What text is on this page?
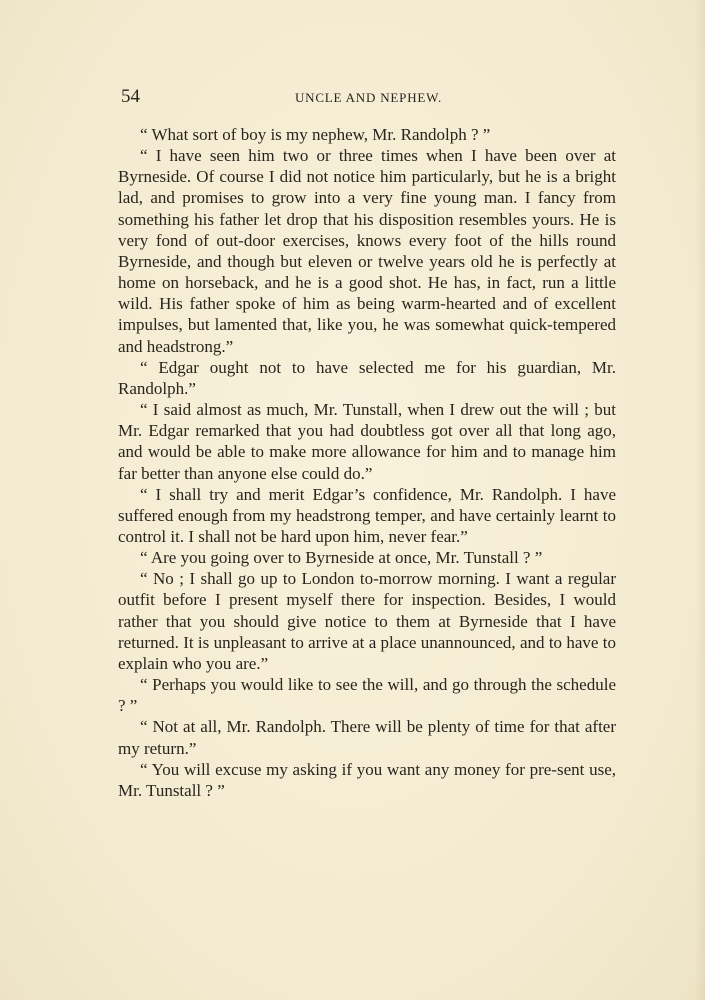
54	UNCLE AND NEPHEW.

“ What sort of boy is my nephew, Mr. Randolph ? ”

“ I have seen him two or three times when I have been over at Byrneside. Of course I did not notice him particularly, but he is a bright lad, and promises to grow into a very fine young man. I fancy from something his father let drop that his disposition resembles yours. He is very fond of out-door exercises, knows every foot of the hills round Byrneside, and though but eleven or twelve years old he is perfectly at home on horseback, and he is a good shot. He has, in fact, run a little wild. His father spoke of him as being warm-hearted and of excellent impulses, but lamented that, like you, he was somewhat quick-tempered and headstrong.”

“ Edgar ought not to have selected me for his guardian, Mr. Randolph.”

“ I said almost as much, Mr. Tunstall, when I drew out the will ; but Mr. Edgar remarked that you had doubtless got over all that long ago, and would be able to make more allowance for him and to manage him far better than anyone else could do.”

“ I shall try and merit Edgar’s confidence, Mr. Randolph. I have suffered enough from my headstrong temper, and have certainly learnt to control it. I shall not be hard upon him, never fear.”

“ Are you going over to Byrneside at once, Mr. Tunstall ? ”

“ No ; I shall go up to London to-morrow morning. I want a regular outfit before I present myself there for inspection. Besides, I would rather that you should give notice to them at Byrneside that I have returned. It is unpleasant to arrive at a place unannounced, and to have to explain who you are.”

“ Perhaps you would like to see the will, and go through the schedule ? ”

“ Not at all, Mr. Randolph. There will be plenty of time for that after my return.”

“ You will excuse my asking if you want any money for pre-sent use, Mr. Tunstall ? ”
